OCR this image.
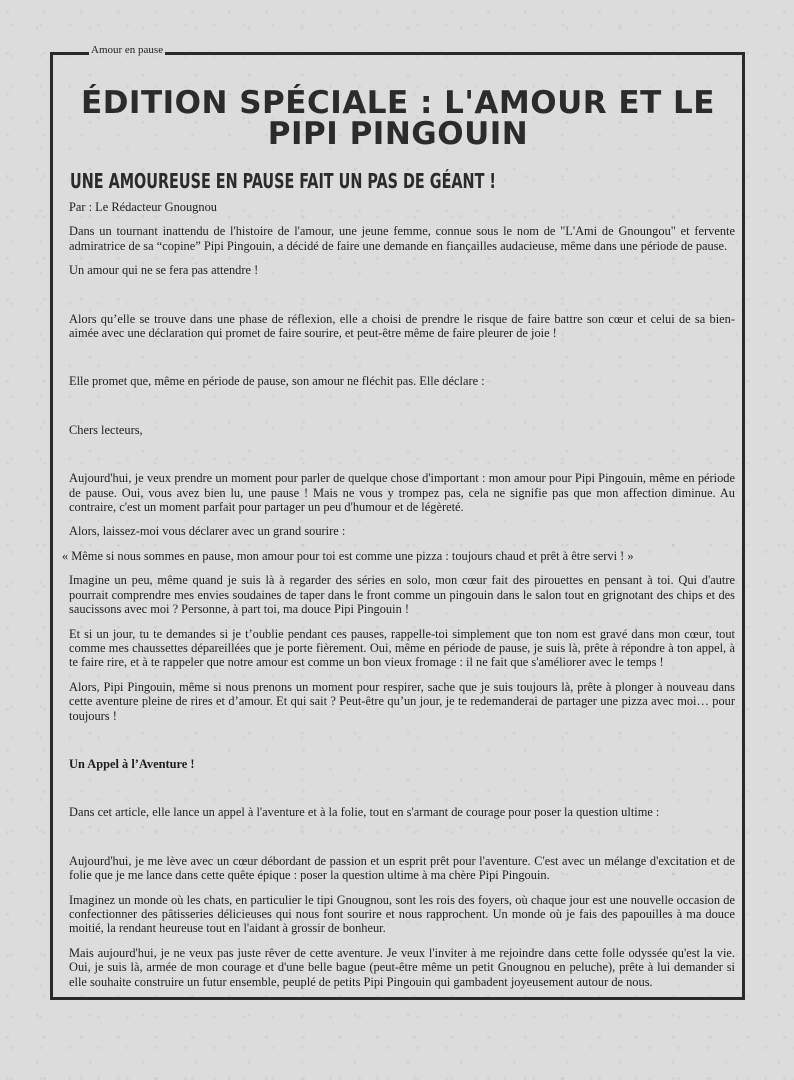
Amour en pause
ÉDITION SPÉCIALE : L'AMOUR ET LE PIPI PINGOUIN
UNE AMOUREUSE EN PAUSE FAIT UN PAS DE GÉANT !

Par : Le Rédacteur Gnougnou

Dans un tournant inattendu de l'histoire de l'amour, une jeune femme, connue sous le nom de "L'Ami de Gnoungou" et fervente admiratrice de sa “copine” Pipi Pingouin, a décidé de faire une demande en fiançailles audacieuse, même dans une période de pause.

Un amour qui ne se fera pas attendre !

Alors qu’elle se trouve dans une phase de réflexion, elle a choisi de prendre le risque de faire battre son cœur et celui de sa bien-aimée avec une déclaration qui promet de faire sourire, et peut-être même de faire pleurer de joie !

Elle promet que, même en période de pause, son amour ne fléchit pas. Elle déclare :

Chers lecteurs,

Aujourd'hui, je veux prendre un moment pour parler de quelque chose d'important : mon amour pour Pipi Pingouin, même en période de pause. Oui, vous avez bien lu, une pause ! Mais ne vous y trompez pas, cela ne signifie pas que mon affection diminue. Au contraire, c'est un moment parfait pour partager un peu d'humour et de légèreté.

Alors, laissez-moi vous déclarer avec un grand sourire :

« Même si nous sommes en pause, mon amour pour toi est comme une pizza : toujours chaud et prêt à être servi ! »

Imagine un peu, même quand je suis là à regarder des séries en solo, mon cœur fait des pirouettes en pensant à toi. Qui d'autre pourrait comprendre mes envies soudaines de taper dans le front comme un pingouin dans le salon tout en grignotant des chips et des saucissons avec moi ? Personne, à part toi, ma douce Pipi Pingouin !

Et si un jour, tu te demandes si je t’oublie pendant ces pauses, rappelle-toi simplement que ton nom est gravé dans mon cœur, tout comme mes chaussettes dépareillées que je porte fièrement. Oui, même en période de pause, je suis là, prête à répondre à ton appel, à te faire rire, et à te rappeler que notre amour est comme un bon vieux fromage : il ne fait que s'améliorer avec le temps !

Alors, Pipi Pingouin, même si nous prenons un moment pour respirer, sache que je suis toujours là, prête à plonger à nouveau dans cette aventure pleine de rires et d’amour. Et qui sait ? Peut-être qu’un jour, je te redemanderai de partager une pizza avec moi… pour toujours !

Un Appel à l’Aventure !

Dans cet article, elle lance un appel à l'aventure et à la folie, tout en s'armant de courage pour poser la question ultime :

Aujourd'hui, je me lève avec un cœur débordant de passion et un esprit prêt pour l'aventure. C'est avec un mélange d'excitation et de folie que je me lance dans cette quête épique : poser la question ultime à ma chère Pipi Pingouin.

Imaginez un monde où les chats, en particulier le tipi Gnougnou, sont les rois des foyers, où chaque jour est une nouvelle occasion de confectionner des pâtisseries délicieuses qui nous font sourire et nous rapprochent. Un monde où je fais des papouilles à ma douce moitié, la rendant heureuse tout en l'aidant à grossir de bonheur.

Mais aujourd'hui, je ne veux pas juste rêver de cette aventure. Je veux l'inviter à me rejoindre dans cette folle odyssée qu'est la vie. Oui, je suis là, armée de mon courage et d'une belle bague (peut-être même un petit Gnougnou en peluche), prête à lui demander si elle souhaite construire un futur ensemble, peuplé de petits Pipi Pingouin qui gambadent joyeusement autour de nous.
